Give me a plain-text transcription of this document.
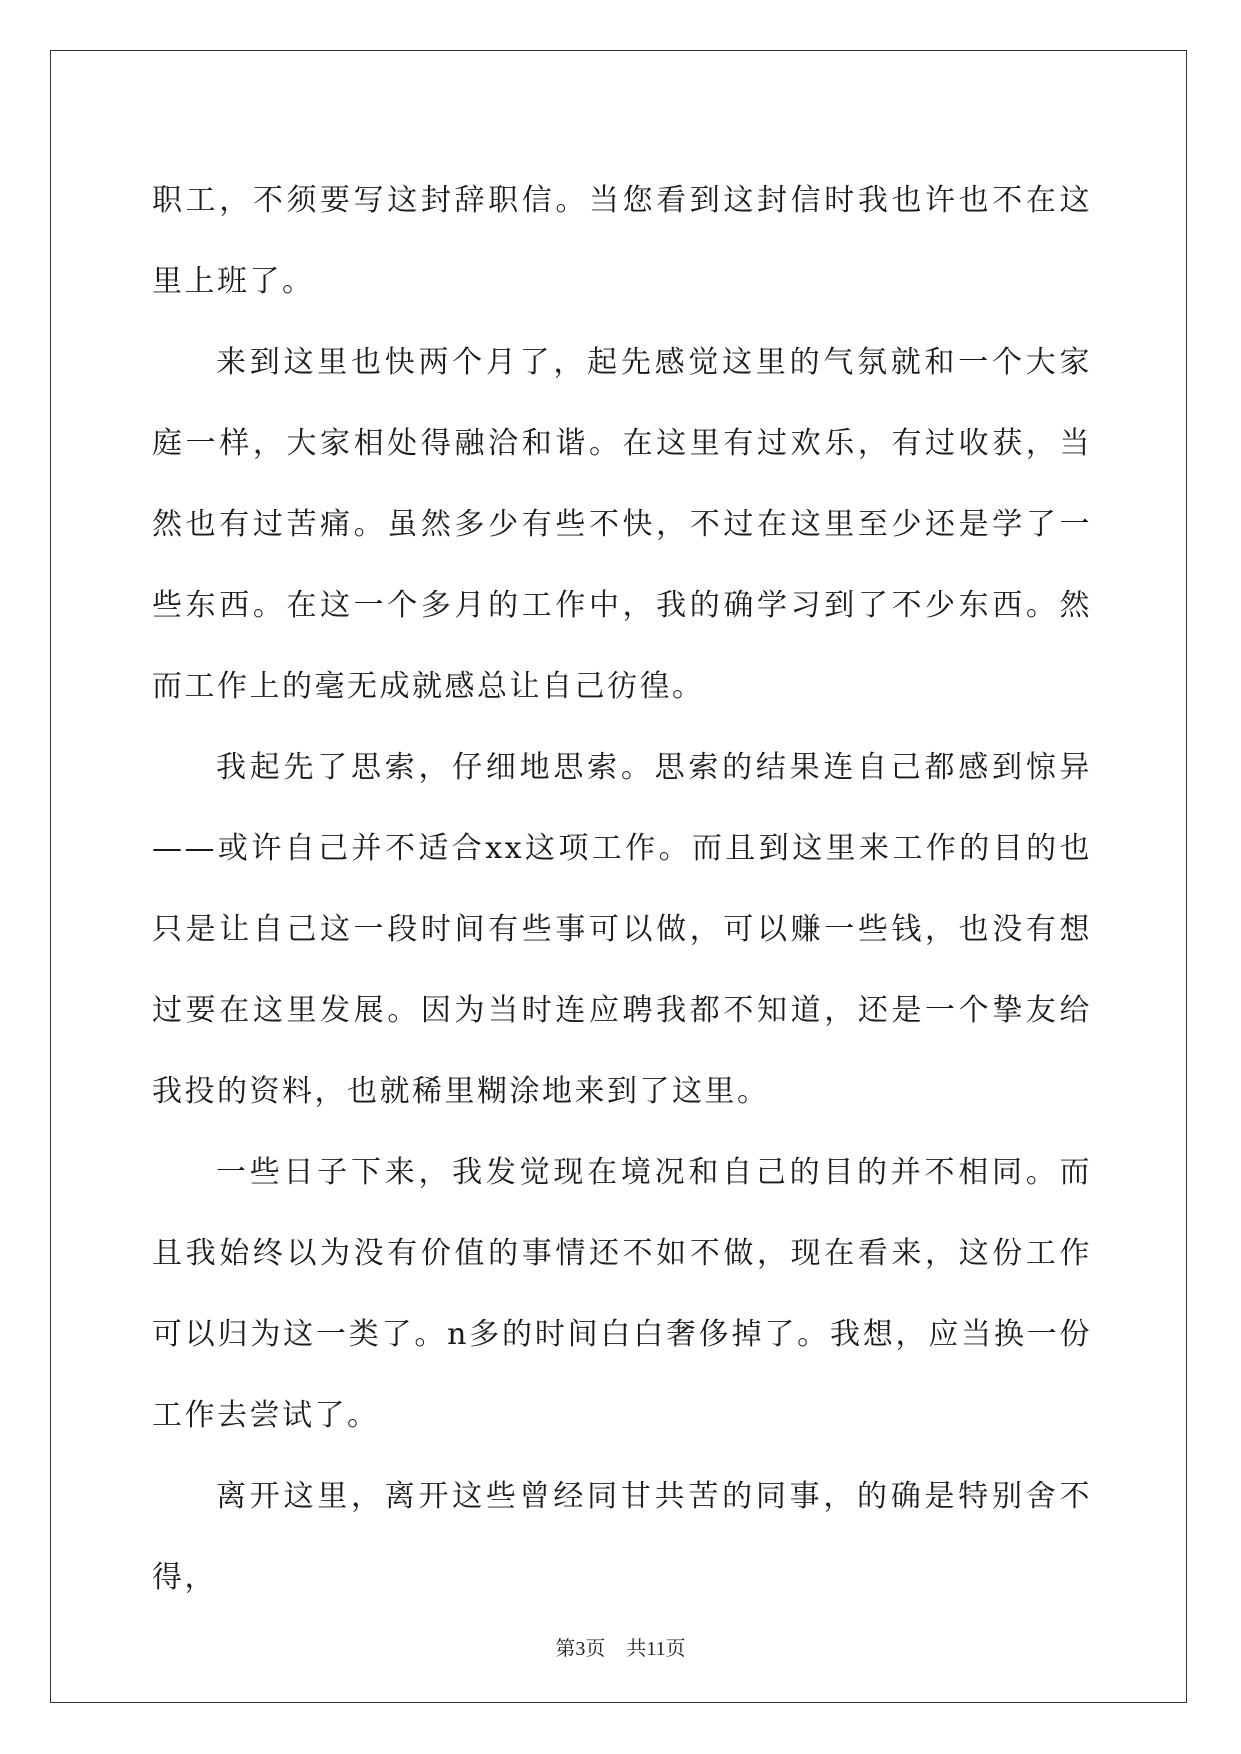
职工，不须要写这封辞职信。当您看到这封信时我也许也不在这里上班了。

来到这里也快两个月了，起先感觉这里的气氛就和一个大家庭一样，大家相处得融洽和谐。在这里有过欢乐，有过收获，当然也有过苦痛。虽然多少有些不快，不过在这里至少还是学了一些东西。在这一个多月的工作中，我的确学习到了不少东西。然而工作上的毫无成就感总让自己彷徨。

我起先了思索，仔细地思索。思索的结果连自己都感到惊异——或许自己并不适合xx这项工作。而且到这里来工作的目的也只是让自己这一段时间有些事可以做，可以赚一些钱，也没有想过要在这里发展。因为当时连应聘我都不知道，还是一个挚友给我投的资料，也就稀里糊涂地来到了这里。

一些日子下来，我发觉现在境况和自己的目的并不相同。而且我始终以为没有价值的事情还不如不做，现在看来，这份工作可以归为这一类了。n多的时间白白奢侈掉了。我想，应当换一份工作去尝试了。

离开这里，离开这些曾经同甘共苦的同事，的确是特别舍不得，

第3页 共11页
